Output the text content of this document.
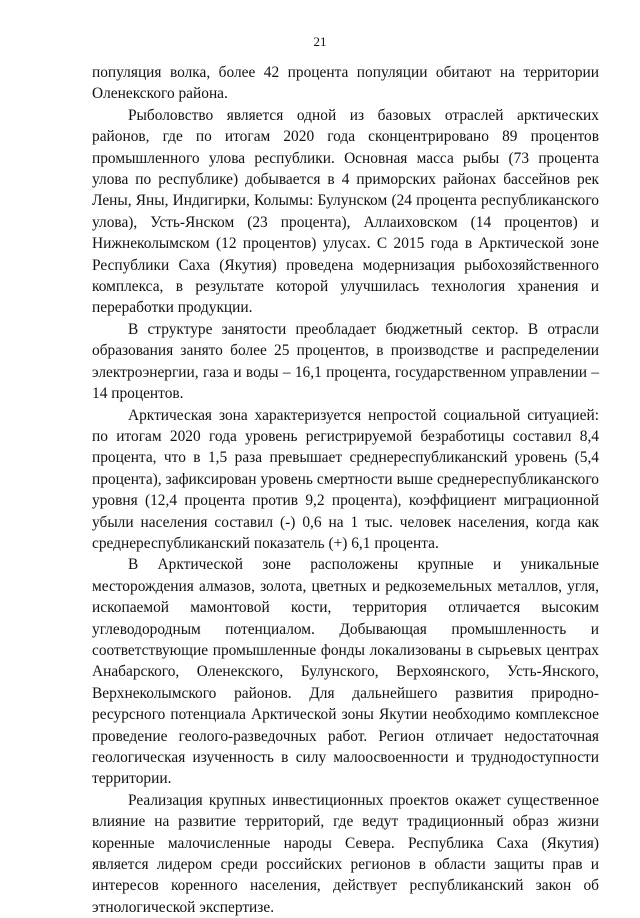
21

популяция волка, более 42 процента популяции обитают на территории Оленекского района.

Рыболовство является одной из базовых отраслей арктических районов, где по итогам 2020 года сконцентрировано 89 процентов промышленного улова республики. Основная масса рыбы (73 процента улова по республике) добывается в 4 приморских районах бассейнов рек Лены, Яны, Индигирки, Колымы: Булунском (24 процента республиканского улова), Усть-Янском (23 процента), Аллаиховском (14 процентов) и Нижнеколымском (12 процентов) улусах. С 2015 года в Арктической зоне Республики Саха (Якутия) проведена модернизация рыбохозяйственного комплекса, в результате которой улучшилась технология хранения и переработки продукции.

В структуре занятости преобладает бюджетный сектор. В отрасли образования занято более 25 процентов, в производстве и распределении электроэнергии, газа и воды – 16,1 процента, государственном управлении – 14 процентов.

Арктическая зона характеризуется непростой социальной ситуацией: по итогам 2020 года уровень регистрируемой безработицы составил 8,4 процента, что в 1,5 раза превышает среднереспубликанский уровень (5,4 процента), зафиксирован уровень смертности выше среднереспубликанского уровня (12,4 процента против 9,2 процента), коэффициент миграционной убыли населения составил (-) 0,6 на 1 тыс. человек населения, когда как среднереспубликанский показатель (+) 6,1 процента.

В Арктической зоне расположены крупные и уникальные месторождения алмазов, золота, цветных и редкоземельных металлов, угля, ископаемой мамонтовой кости, территория отличается высоким углеводородным потенциалом. Добывающая промышленность и соответствующие промышленные фонды локализованы в сырьевых центрах Анабарского, Оленекского, Булунского, Верхоянского, Усть-Янского, Верхнеколымского районов. Для дальнейшего развития природно-ресурсного потенциала Арктической зоны Якутии необходимо комплексное проведение геолого-разведочных работ. Регион отличает недостаточная геологическая изученность в силу малоосвоенности и труднодоступности территории.

Реализация крупных инвестиционных проектов окажет существенное влияние на развитие территорий, где ведут традиционный образ жизни коренные малочисленные народы Севера. Республика Саха (Якутия) является лидером среди российских регионов в области защиты прав и интересов коренного населения, действует республиканский закон об этнологической экспертизе.
